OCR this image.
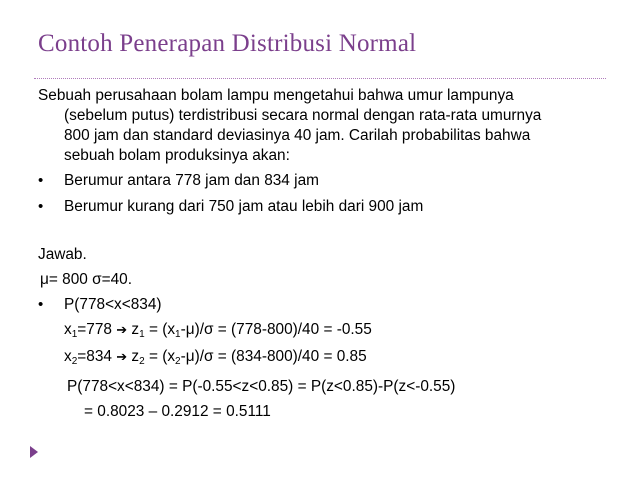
Contoh Penerapan Distribusi Normal
Sebuah perusahaan bolam lampu mengetahui bahwa umur lampunya
(sebelum putus) terdistribusi secara normal dengan rata-rata umurnya
800 jam dan standard deviasinya 40 jam. Carilah probabilitas bahwa
sebuah bolam produksinya akan:
• Berumur antara 778 jam dan 834 jam
• Berumur kurang dari 750 jam atau lebih dari 900 jam
Jawab.
μ= 800 σ=40.
• P(778<x<834)
$x_1=778$ ➔ $z_1 = (x_1-\mu)/\sigma = (778-800)/40 = -0.55$
$x_2=834$ ➔ $z_2 = (x_2-\mu)/\sigma = (834-800)/40 = 0.85$
P(778<x<834) = P(-0.55<z<0.85) = P(z<0.85)-P(z<-0.55)
= 0.8023 – 0.2912 = 0.5111
